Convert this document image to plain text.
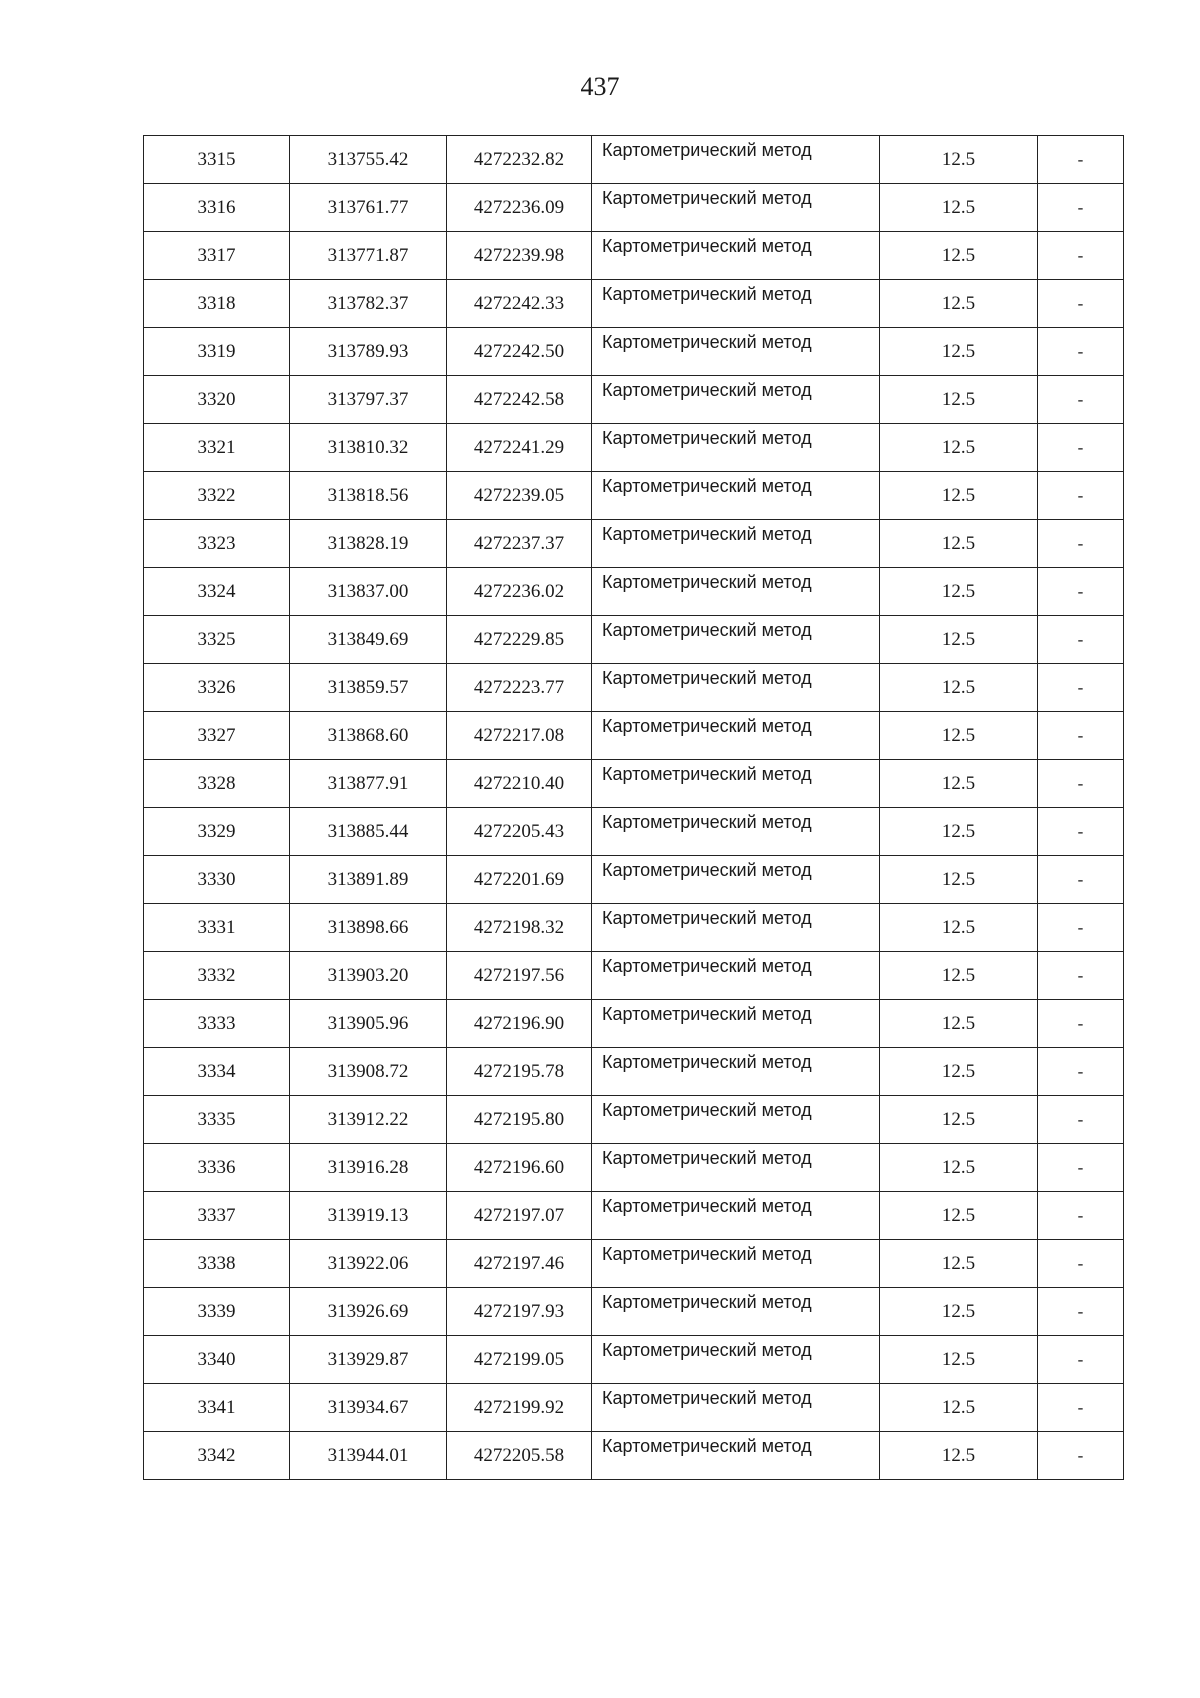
437
3315	313755.42	4272232.82	Картометрический метод	12.5	-
3316	313761.77	4272236.09	Картометрический метод	12.5	-
3317	313771.87	4272239.98	Картометрический метод	12.5	-
3318	313782.37	4272242.33	Картометрический метод	12.5	-
3319	313789.93	4272242.50	Картометрический метод	12.5	-
3320	313797.37	4272242.58	Картометрический метод	12.5	-
3321	313810.32	4272241.29	Картометрический метод	12.5	-
3322	313818.56	4272239.05	Картометрический метод	12.5	-
3323	313828.19	4272237.37	Картометрический метод	12.5	-
3324	313837.00	4272236.02	Картометрический метод	12.5	-
3325	313849.69	4272229.85	Картометрический метод	12.5	-
3326	313859.57	4272223.77	Картометрический метод	12.5	-
3327	313868.60	4272217.08	Картометрический метод	12.5	-
3328	313877.91	4272210.40	Картометрический метод	12.5	-
3329	313885.44	4272205.43	Картометрический метод	12.5	-
3330	313891.89	4272201.69	Картометрический метод	12.5	-
3331	313898.66	4272198.32	Картометрический метод	12.5	-
3332	313903.20	4272197.56	Картометрический метод	12.5	-
3333	313905.96	4272196.90	Картометрический метод	12.5	-
3334	313908.72	4272195.78	Картометрический метод	12.5	-
3335	313912.22	4272195.80	Картометрический метод	12.5	-
3336	313916.28	4272196.60	Картометрический метод	12.5	-
3337	313919.13	4272197.07	Картометрический метод	12.5	-
3338	313922.06	4272197.46	Картометрический метод	12.5	-
3339	313926.69	4272197.93	Картометрический метод	12.5	-
3340	313929.87	4272199.05	Картометрический метод	12.5	-
3341	313934.67	4272199.92	Картометрический метод	12.5	-
3342	313944.01	4272205.58	Картометрический метод	12.5	-
